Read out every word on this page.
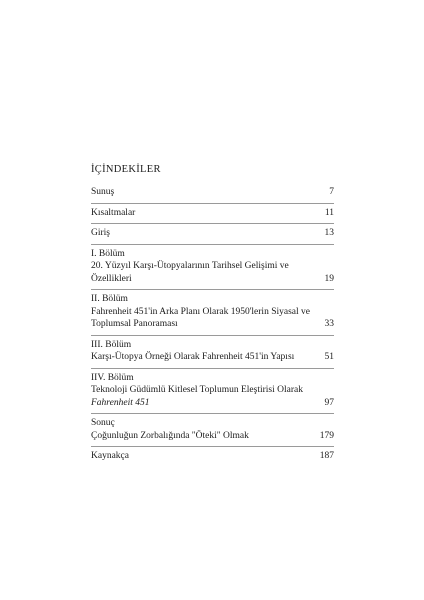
İÇİNDEKİLER
Sunuş	7
Kısaltmalar	11
Giriş	13
I. Bölüm
20. Yüzyıl Karşı-Ütopyalarının Tarihsel Gelişimi ve
Özellikleri	19
II. Bölüm
Fahrenheit 451'in Arka Planı Olarak 1950'lerin Siyasal ve
Toplumsal Panoraması	33
III. Bölüm
Karşı-Ütopya Örneği Olarak Fahrenheit 451'in Yapısı	51
IIV. Bölüm
Teknoloji Güdümlü Kitlesel Toplumun Eleştirisi Olarak
Fahrenheit 451	97
Sonuç
Çoğunluğun Zorbalığında "Öteki" Olmak	179
Kaynakça	187
